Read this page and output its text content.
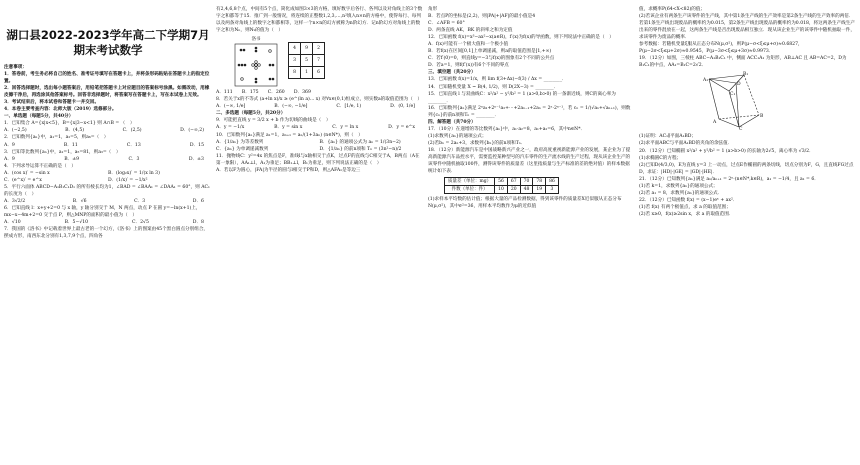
湖口县2022-2023学年高二下学期7月
期末考试数学

注意事项：

1．答卷前，考生务必将自己的姓名、准考证号填写在答题卡上，并将条形码粘贴在答题卡上的指定位置。

2．回答选择题时，选出每小题答案后，用铅笔把答题卡上对应题目的答案标号涂黑。如需改动，用橡皮擦干净后，再选涂其他答案标号。回答非选择题时，将答案写在答题卡上，写在本试卷上无效。

3．考试结束后，将本试卷和答题卡一并交回。

4．本卷主要考查内容：北师大版（2019）选修部分。

一、单选题（每题5分，共40分）

1．已知集合 A={x|x<5}，B={x|3−x<1} 则 A∩B = （　）

A．(−2,5)	B．(4,5)	C．(2,5)	D．(−∞,2)

2．已知数列{aₙ}中，a₁=1，a₂=5，则a₆=（　）

A．9	B．11	C．13	D．15

3．已知等比数列{aₙ}中，a₁=1，a₅=81，则a₃=（　）

A．9	B．±9	C．3	D．±3

4．下列求导运算不正确的是（　）

A．(cos x)′ = −sin x	B．(log₂x)′ = 1/(x ln 3)
C．(e^x)′ = e^x	D．(1/x)′ = −1/x²

5．平行六面体 ABCD−A₁B₁C₁D₁ 的所有棱长均为1，∠BAD = ∠BAA₁ = ∠DAA₁ = 60°，则 AC₁ 的长度为（　）

A．3√2/2	B．√6	C．3	D．6

6．已知直线 l：x+y+2=0 与 x 轴，y 轴分别交于 M，N 两点，动点 P 在圆 y=−ln(x+1)上，mx−x−4m+2=0 交于点 P，则△MNP的面积的最小值为（　）

A．√10	B．5−√10	C．2√5	D．8

7．我国的《洛书》中记载着世界上最古老的一个幻方，《洛书》上的图案由45个黑白圆点分别组合，摆成方形，南西东北分别有1,3,7,9个点，四角各

有2,4,6,8个点，中间有5个点，简化成如图3×3的方格，填好数字后各行、各列以及对角线上的3个数字之和都等于15．推广到一般情况，将连续的正整数1,2,3,…,n²填入n×n的方格中，使得每行、每列以及两条对角线上的数字之和都相等，这样一个n×n的幻方被称为n阶幻方．记n阶幻方对角线上的数字之和为Nₙ，则N₉的值为（　）

洛书
4	9	2
3	5	7
8	1	6

A．111　　B．175　　C．260　　D．369

8．若关于x的不等式 (a+ln x)/x ≥ (e^(ln a)... x) 对∀x∈(0,1)恒成立，则实数a的取值范围为（　）

A．(−∞, 1/e]	B．(−∞, −1/e]	C．[1/e, 1)	D．(0, 1/e]

二、多选题（每题5分，共20分）

9．可能把直线 y = 3/2 x + b 作为切线的曲线是（　）

A．y = −1/x	B．y = sin x	C．y = ln x	D．y = e^x

10．已知数列{aₙ}满足 a₁=1，aₙ₊₁ = aₙ/(1+3aₙ) (n∈N*)，则（　）

A．{1/aₙ} 为等差数列	B．{aₙ} 的通项公式为 aₙ = 1/(3n−2)
C．{aₙ} 为单调递减数列	D．{1/aₙ} 的前n项和 Tₙ = (3n²−n)/2

11．抛物线C：y²=4x 的焦点是F，准线l与x轴相交于点K，过点F的直线与C相交于A，B两点（A在第一象限），AA₁⊥l，A₁为垂足；BB₁⊥l，B₁为垂足，则下列说法正确的是（　）

A．若以F为圆心，|FA|为半径的圆与l相交于P和D，则△AFA₁是等边三

角形

B．若点P的坐标是(2,2)，则|PA|+|AF|的最小值是4

C．∠AFB = 60°

D．两条直线 AK，BK 的斜率之和为定值

12．已知函数 f(x)=x³−ax²−x(a∈R)，f′(x)为f(x)的导函数，则下列说法中正确的是（　）

A．f(x)可能有一个极大值和一个极小值

B．若f(x)在区间[0,1]上单调递减，则a的取值范围是[1,+∞)

C．若f′(0)=0，则直线y=−3与f(x)的图象有2个不同的公共点

D．若a=1，则f(f′(x))有6个不同的零点

三、填空题（共20分）

13．已知函数 f(x)=1/x，则 lim f(3+Δx)−f(3) / Δx = ________．

14．已知随机变量 X ~ B(4, 1/2)，则 D(2X−3) = ________．

15．已知直线 l 与双曲线C：x²/a² − y²/b² = 1 (a>0,b>0) 的一条渐近线，则C的离心率为________．

16．已知数列{aₙ}满足 2ⁿa₁+2ⁿ⁻¹a₂+⋯+2aₙ₋₁+2aₙ = 2ⁿ·2ⁿ⁻¹，若 cₙ = 1/(√aₙ+√aₙ₊₁)，则数列{cₙ}的前n项和Tₙ = ________．

四、解答题（共70分）

17．（10分）在递增的等比数列{aₙ}中，a₁·a₂=8，a₁+a₂=6，其中n∈N*．

(1)求数列{aₙ}的通项公式；

(2)若bₙ = 2aₙ+3，求数列{bₙ}的前n项和Tₙ．

18．（12分）新能源汽车是中国战略新兴产业之一，政府高度重视新能源产业的发展，某企业为了提高新能源汽车品控水平，需要监控某种型号的汽车零件的生产流水线的生产过程，现从该企业生产的该零件中随机抽取100件，测得该零件的质量差（这里指质量与生产标准的差的绝对值）的样本数据统计如下表．

质量差（单位：mg）	56	67	70	78	86
件数（单位：件）	10	20	48	19	3

(1)求样本平均数的估计值；根据大量的产品检测数据，得到该零件的质量差X近似服从正态分布N(μ,σ²)，其中σ²=36，用样本平均数作为μ的近似值

值，求概率P(64<X<82)的值；

(2)若该企业有两条生产该零件的生产线，其中第1条生产线的生产效率是第2条生产线的生产效率的两倍．若第1条生产线出现废品的概率约为0.015，第2条生产线出现废品的概率约为0.018，将这两条生产线生产出来的零件混放在一起，这两条生产线是否出现废品相互独立．现从该企业生产的该零件中随机抽取一件，求该零件为废品的概率．

参考数据：若随机变量ξ服从正态分布N(μ,σ²)，则P(μ−σ<ξ≤μ+σ)≈0.6827，P(μ−2σ<ξ≤μ+2σ)≈0.9545，P(μ−3σ<ξ≤μ+3σ)≈0.9973．

19．（12分）如图，三棱柱 ABC−A₁B₁C₁ 中，侧面 ACC₁A₁ 为矩形，AB⊥AC 且 AB=AC=2，D为B₁C₁的中点，AA₁=B₁C=2√2．

A₁
B₁
C₁
D
A
B
C

(1)证明：AC₁∥平面A₁BD；

(2)求平面ABC与平面A₁BD的夹角的余弦值．

20．（12分）已知椭圆 x²/a² + y²/b² = 1 (a>b>0) 的长轴为2√5，离心率为 √3/2．

(1)求椭圆C的方程；

(2)已知D(4/3,0)，E为直线 y=3 上一动点，过点E作椭圆的两条切线，切点分别为F，G，且直线FG过点D，求证：|HD|·|GE| = |GD|·|HE|．

21．（12分）已知数列{aₙ}满足 aₙ/aₙ₊₁ = 2ⁿ·(n∈N*,k∈R)，a₁ = −1/4，且 a₁ = 6．

(1)若 k=1，求数列{aₙ}的通项公式；

(2)若 a₁ = 8，求数列{aₙ}的通项公式．

22．（12分）已知函数 f(x) = (x−1)eˣ + ax²．

(1)若 f(x) 有两个极值点，求 a 的取值范围；

(2)若 x≥0，f(x)≥2sin x，求 a 的取值范围．
